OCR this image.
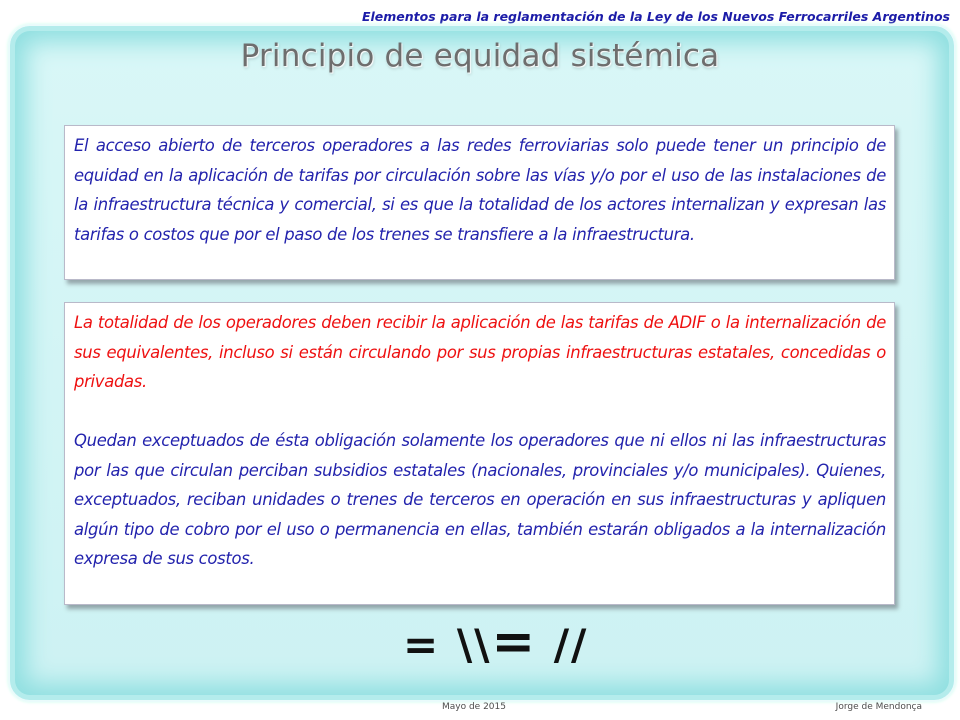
Elementos para la reglamentación de la Ley de los Nuevos Ferrocarriles Argentinos
Principio de equidad sistémica

El acceso abierto de terceros operadores a las redes ferroviarias solo puede tener un principio de equidad en la aplicación de tarifas por circulación sobre las vías y/o por el uso de las instalaciones de la infraestructura técnica y comercial, si es que la totalidad de los actores internalizan y expresan las tarifas o costos que por el paso de los trenes se transfiere a la infraestructura.

La totalidad de los operadores deben recibir la aplicación de las tarifas de ADIF o la internalización de sus equivalentes, incluso si están circulando por sus propias infraestructuras estatales, concedidas o privadas.

Quedan exceptuados de ésta obligación solamente los operadores que ni ellos ni las infraestructuras por las que circulan perciban subsidios estatales (nacionales, provinciales y/o municipales). Quienes, exceptuados, reciban unidades o trenes de terceros en operación en sus infraestructuras y apliquen algún tipo de cobro por el uso o permanencia en ellas, también estarán obligados a la internalización expresa de sus costos.

= \\= //
Mayo de 2015	Jorge de Mendonça
